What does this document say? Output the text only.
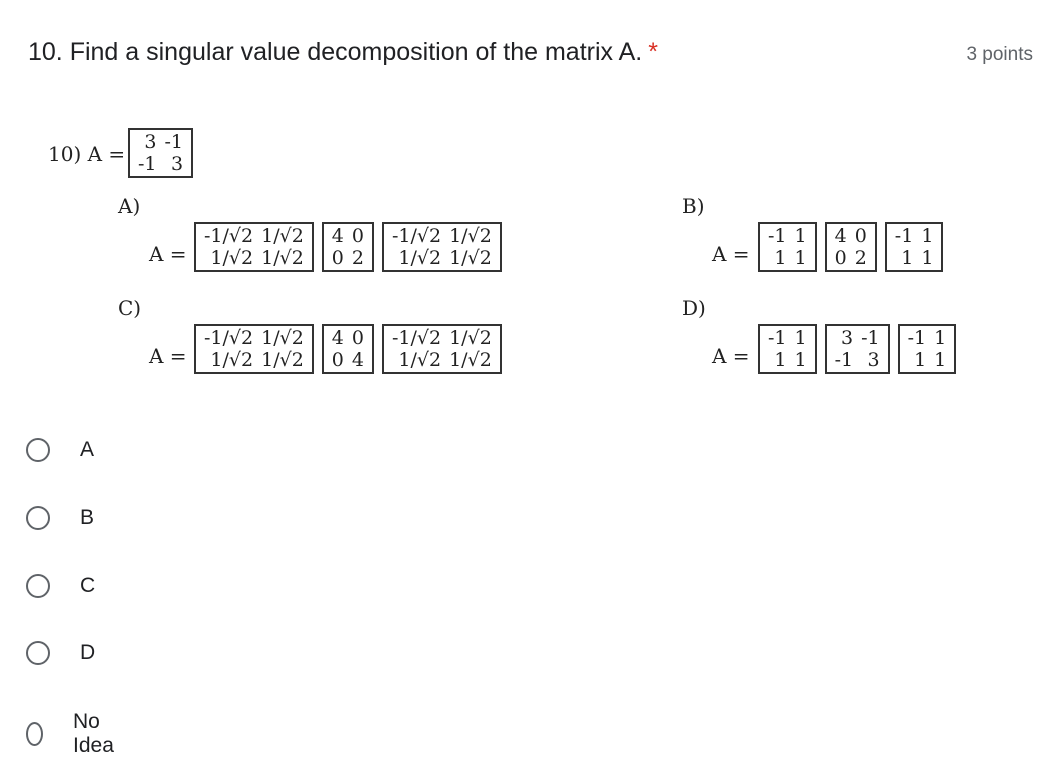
10. Find a singular value decomposition of the matrix A. *	3 points
10) A = 3	-1
-1	3
A)
A =
-1/√2	1/√2
1/√2	1/√2
4	0
0	2
-1/√2	1/√2
1/√2	1/√2
B)
A =
-1	1
1	1
4	0
0	2
-1	1
1	1
C)
A =
-1/√2	1/√2
1/√2	1/√2
4	0
0	4
-1/√2	1/√2
1/√2	1/√2
D)
A =
-1	1
1	1
3	-1
-1	3
-1	1
1	1
A
B
C
D
No Idea
